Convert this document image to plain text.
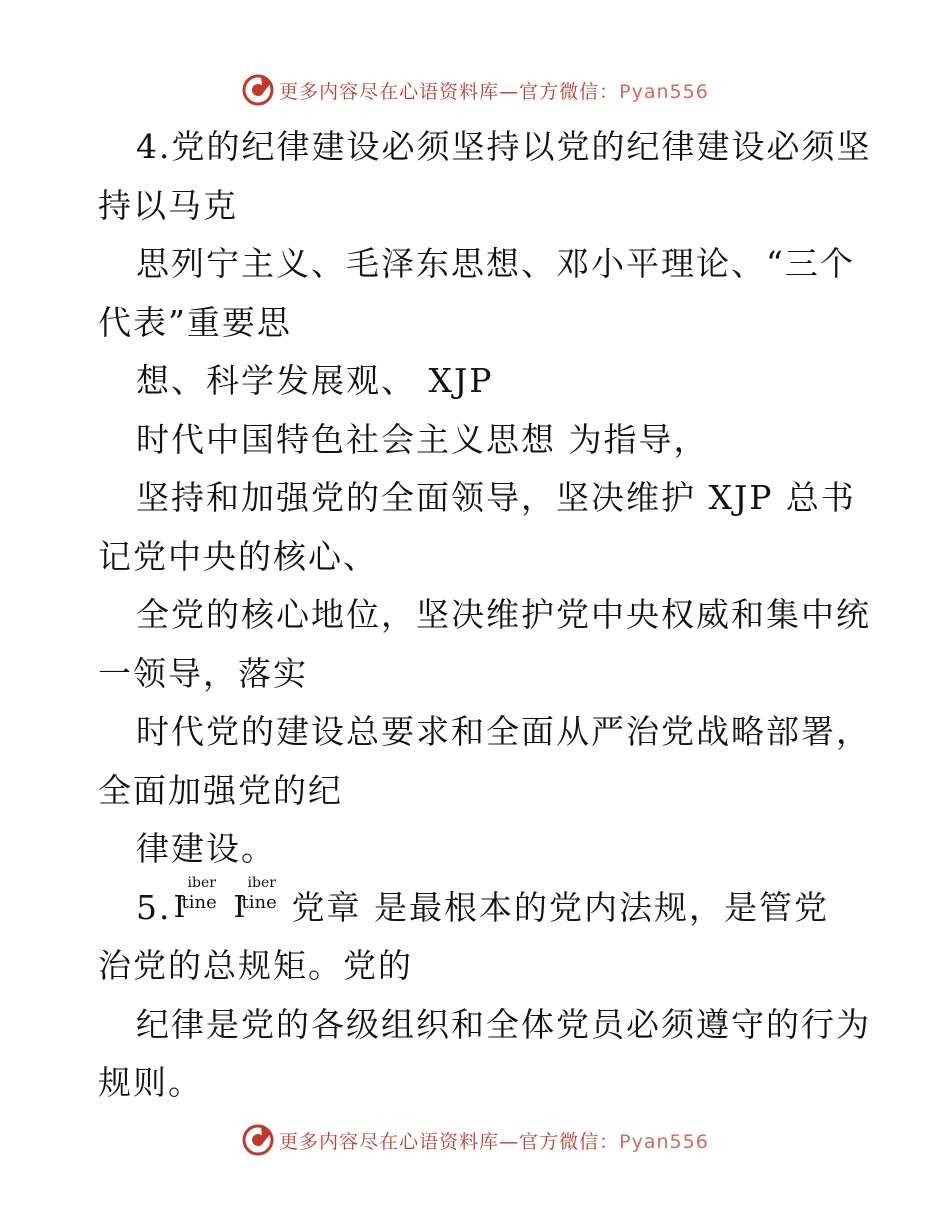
更多内容尽在心语资料库—官方微信：Pyan556
4.党的纪律建设必须坚持以党的纪律建设必须坚
持以马克
思列宁主义、毛泽东思想、邓小平理论、“三个
代表”重要思
想、科学发展观、 XJP
时代中国特色社会主义思想 为指导，
坚持和加强党的全面领导，坚决维护 XJP 总书
记党中央的核心、
全党的核心地位，坚决维护党中央权威和集中统
一领导，落实
时代党的建设总要求和全面从严治党战略部署，
全面加强党的纪
律建设。
5. I
iber
tine I
iber
tine 党章 是最根本的党内法规，是管党
治党的总规矩。党的
纪律是党的各级组织和全体党员必须遵守的行为
规则。
更多内容尽在心语资料库—官方微信：Pyan556
